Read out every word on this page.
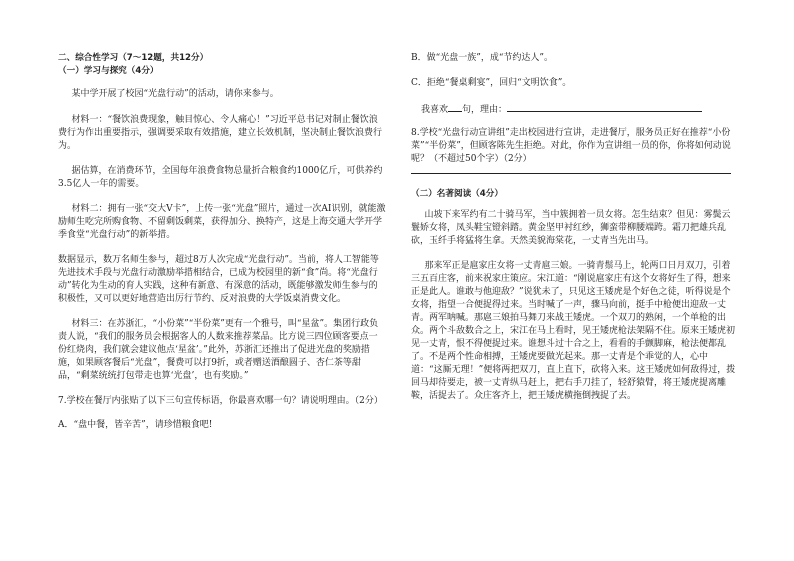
二、综合性学习（7～12题，共12分）

（一）学习与探究（4分）

某中学开展了校园“光盘行动”的活动，请你来参与。

材料一：“餐饮浪费现象，触目惊心、令人痛心！”习近平总书记对制止餐饮浪费行为作出重要指示，强调要采取有效措施，建立长效机制，坚决制止餐饮浪费行为。

据估算，在消费环节，全国每年浪费食物总量折合粮食约1000亿斤，可供养约3.5亿人一年的需要。

材料二：拥有一张“交大V卡”，上传一张“光盘”照片，通过一次AI识别，就能激励师生吃完所购食物、不留剩饭剩菜，获得加分、换特产，这是上海交通大学开学季食堂“光盘行动”的新举措。

数据显示，数万名师生参与，超过8万人次完成“光盘行动”。当前，将人工智能等先进技术手段与光盘行动激励举措相结合，已成为校园里的新“食”尚。将“光盘行动”转化为生动的育人实践，这种有新意、有深意的活动，既能够激发师生参与的积极性，又可以更好地营造出厉行节约、反对浪费的大学饭桌消费文化。

材料三：在苏浙汇，“小份菜”“半份菜”更有一个雅号，叫“星盆”。集团行政负责人说，“我们的服务员会根据客人的人数来推荐菜品。比方说三四位顾客要点一份红烧肉，我们就会建议他点‘星盆’。”此外，苏浙汇还推出了促进光盘的奖励措施，如果顾客餐后“光盘”，餐费可以打9折，或者赠送酒酿圆子、杏仁茶等甜品，“剩菜统统打包带走也算‘光盘’，也有奖励。”

7.学校在餐厅内张贴了以下三句宣传标语，你最喜欢哪一句？请说明理由。（2分）

A．“盘中餐，皆辛苦”，请珍惜粮食吧!

B．做“光盘一族”，成“节约达人”。

C．拒绝“餐桌剩宴”，回归“文明饮食”。

我喜欢 句，理由：

8.学校“光盘行动宣讲组”走出校园进行宣讲，走进餐厅，服务员正好在推荐“小份菜”“半份菜”，但顾客陈先生拒绝。对此，你作为宣讲组一员的你，你将如何动说呢？（不超过50个字）（2分）

（二）名著阅读（4分）

山坡下来军约有二十骑马军，当中簇拥着一员女将。怎生结束？但见：雾鬓云鬟娇女将，凤头鞋宝镫斜踏。黄金坚甲衬红纱，狮蛮带柳腰端跨。霜刀把雄兵乱砍，玉纤手将猛将生拿。天然美貌海棠花，一丈青当先出马。

那来军正是扈家庄女将一丈青扈三娘。一骑青鬃马上，轮两口日月双刀，引着三五百庄客，前来祝家庄策应。宋江道：“刚说扈家庄有这个女将好生了得，想来正是此人。谁敢与他迎敌？”说犹未了，只见这王矮虎是个好色之徒，听得说是个女将，指望一合便捉得过来。当时喊了一声，骤马向前，挺手中枪便出迎敌一丈青。两军呐喊。那扈三娘拍马舞刀来战王矮虎。一个双刀的熟闲，一个单枪的出众。两个斗敌数合之上，宋江在马上看时，见王矮虎枪法架隔不住。原来王矮虎初见一丈青，恨不得便捉过来。谁想斗过十合之上，看看的手颤脚麻，枪法便都乱了。不是两个性命相搏，王矮虎要做光起来。那一丈青是个乖觉的人，心中道：“这厮无理！”便将两把双刀，直上直下，砍将入来。这王矮虎如何敌得过，拨回马却待要走，被一丈青纵马赶上，把右手刀挂了，轻舒猿臂，将王矮虎提离雕鞍，活捉去了。众庄客齐上，把王矮虎横拖倒拽捉了去。
